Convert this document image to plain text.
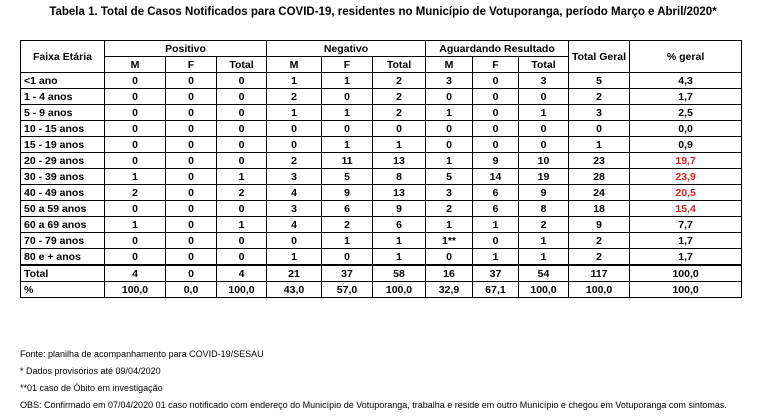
Tabela 1. Total de Casos Notificados para COVID-19, residentes no Município de Votuporanga, período Março e Abril/2020*
Faixa Etária	Positivo			Negativo			Aguardando Resultado			Total Geral	% geral
	M	F	Total	M	F	Total	M	F	Total		
<1 ano	0	0	0	1	1	2	3	0	3	5	4,3
1 - 4 anos	0	0	0	2	0	2	0	0	0	2	1,7
5 - 9 anos	0	0	0	1	1	2	1	0	1	3	2,5
10 - 15 anos	0	0	0	0	0	0	0	0	0	0	0,0
15 - 19 anos	0	0	0	0	1	1	0	0	0	1	0,9
20 - 29 anos	0	0	0	2	11	13	1	9	10	23	19,7
30 - 39 anos	1	0	1	3	5	8	5	14	19	28	23,9
40 - 49 anos	2	0	2	4	9	13	3	6	9	24	20,5
50 a 59 anos	0	0	0	3	6	9	2	6	8	18	15,4
60 a 69 anos	1	0	1	4	2	6	1	1	2	9	7,7
70 - 79 anos	0	0	0	0	1	1	1**	0	1	2	1,7
80 e + anos	0	0	0	1	0	1	0	1	1	2	1,7
Total	4	0	4	21	37	58	16	37	54	117	100,0
%	100,0	0,0	100,0	43,0	57,0	100,0	32,9	67,1	100,0	100,0	100,0
Fonte: planilha de acompanhamento para COVID-19/SESAU
* Dados provisórios até 09/04/2020
**01 caso de Óbito em investigação
OBS: Confirmado em 07/04/2020 01 caso notificado com endereço do Município de Votuporanga, trabalha e reside em outro Município e chegou em Votuporanga com sintomas.
